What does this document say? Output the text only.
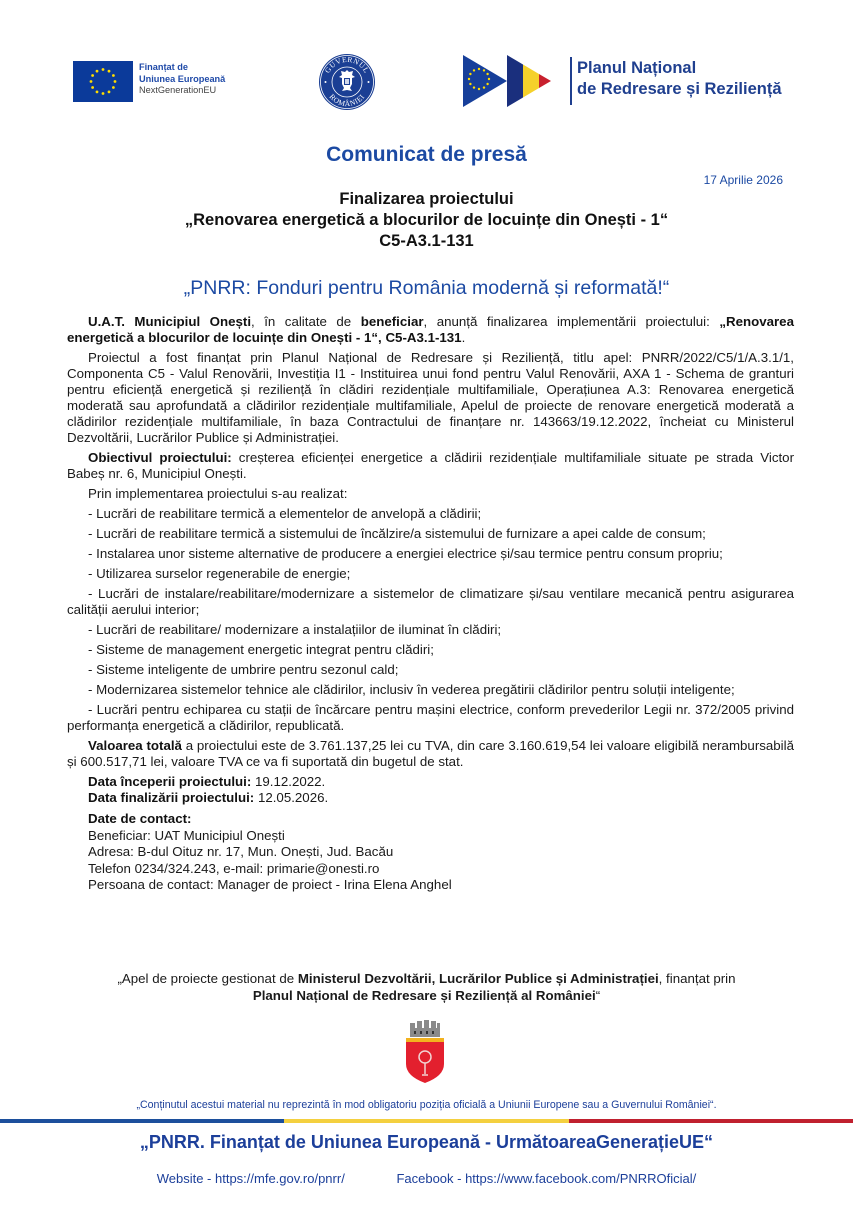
Finanțat de
Uniunea Europeană
NextGenerationEU
GUVERNUL
ROMÂNIEI
Planul Național
de Redresare și Reziliență
Comunicat de presă
17 Aprilie 2026
Finalizarea proiectului
„Renovarea energetică a blocurilor de locuințe din Onești - 1“
C5-A3.1-131
„PNRR: Fonduri pentru România modernă și reformată!“

U.A.T. Municipiul Onești, în calitate de beneficiar, anunță finalizarea implementării proiectului: „Renovarea energetică a blocurilor de locuințe din Onești - 1“, C5-A3.1-131.

Proiectul a fost finanțat prin Planul Național de Redresare și Reziliență, titlu apel: PNRR/2022/C5/1/A.3.1/1, Componenta C5 - Valul Renovării, Investiția I1 - Instituirea unui fond pentru Valul Renovării, AXA 1 - Schema de granturi pentru eficiență energetică și reziliență în clădiri rezidențiale multifamiliale, Operațiunea A.3: Renovarea energetică moderată sau aprofundată a clădirilor rezidențiale multifamiliale, Apelul de proiecte de renovare energetică moderată a clădirilor rezidențiale multifamiliale, în baza Contractului de finanțare nr. 143663/19.12.2022, încheiat cu Ministerul Dezvoltării, Lucrărilor Publice și Administrației.

Obiectivul proiectului: creșterea eficienței energetice a clădirii rezidențiale multifamiliale situate pe strada Victor Babeș nr. 6, Municipiul Onești.

Prin implementarea proiectului s-au realizat:

- Lucrări de reabilitare termică a elementelor de anvelopă a clădirii;
- Lucrări de reabilitare termică a sistemului de încălzire/a sistemului de furnizare a apei calde de consum;
- Instalarea unor sisteme alternative de producere a energiei electrice și/sau termice pentru consum propriu;
- Utilizarea surselor regenerabile de energie;
- Lucrări de instalare/reabilitare/modernizare a sistemelor de climatizare și/sau ventilare mecanică pentru asigurarea calității aerului interior;
- Lucrări de reabilitare/ modernizare a instalațiilor de iluminat în clădiri;
- Sisteme de management energetic integrat pentru clădiri;
- Sisteme inteligente de umbrire pentru sezonul cald;
- Modernizarea sistemelor tehnice ale clădirilor, inclusiv în vederea pregătirii clădirilor pentru soluții inteligente;
- Lucrări pentru echiparea cu stații de încărcare pentru mașini electrice, conform prevederilor Legii nr. 372/2005 privind performanța energetică a clădirilor, republicată.

Valoarea totală a proiectului este de 3.761.137,25 lei cu TVA, din care 3.160.619,54 lei valoare eligibilă nerambursabilă și 600.517,71 lei, valoare TVA ce va fi suportată din bugetul de stat.

Data începerii proiectului: 19.12.2022.
Data finalizării proiectului: 12.05.2026.
Date de contact:
Beneficiar: UAT Municipiul Onești
Adresa: B-dul Oituz nr. 17, Mun. Onești, Jud. Bacău
Telefon 0234/324.243, e-mail: primarie@onesti.ro
Persoana de contact: Manager de proiect - Irina Elena Anghel
„Apel de proiecte gestionat de Ministerul Dezvoltării, Lucrărilor Publice și Administrației, finanțat prin
Planul Național de Redresare și Reziliență al României“
„Conținutul acestui material nu reprezintă în mod obligatoriu poziția oficială a Uniunii Europene sau a Guvernului României“.
„PNRR. Finanțat de Uniunea Europeană - UrmătoareaGenerațieUE“
Website - https://mfe.gov.ro/pnrr/	Facebook - https://www.facebook.com/PNRROficial/
